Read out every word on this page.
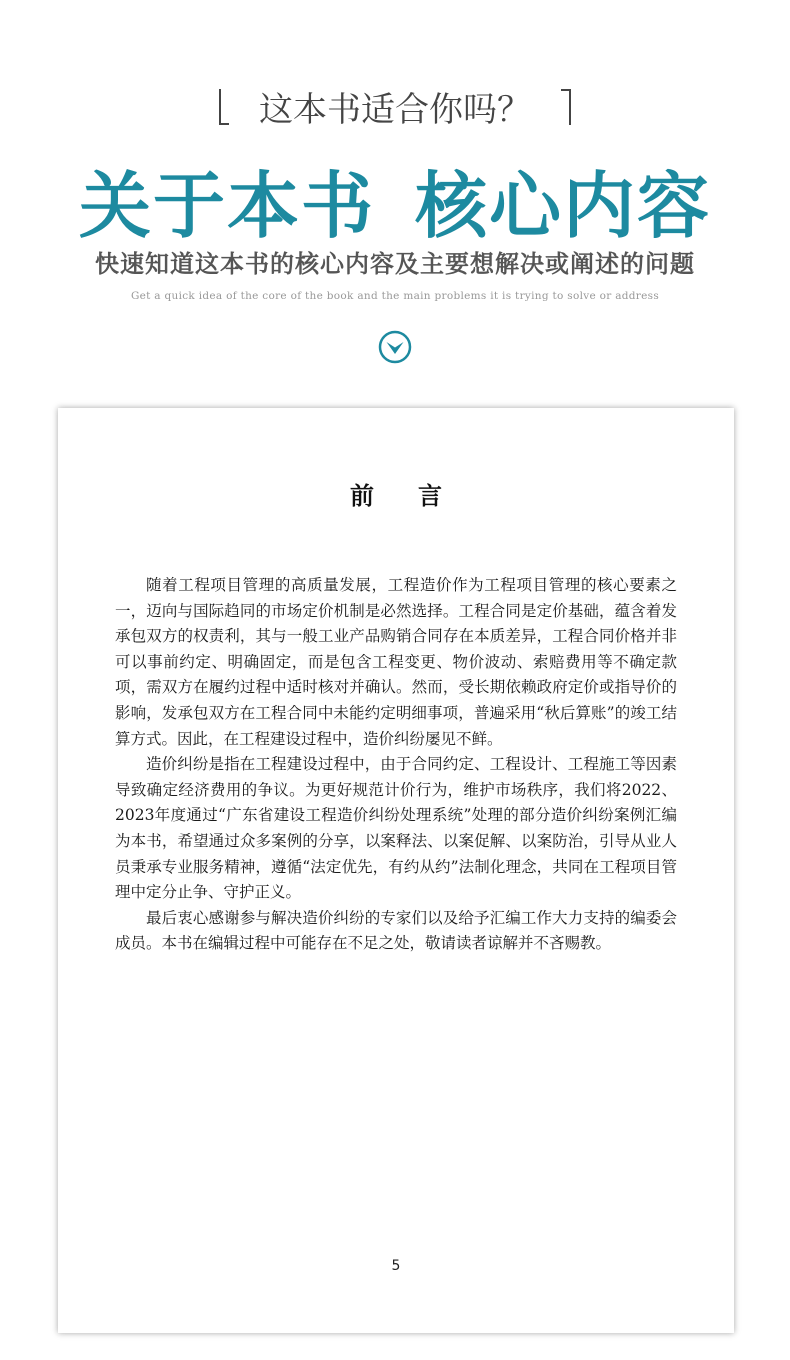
这本书适合你吗？
关于本书 核心内容
快速知道这本书的核心内容及主要想解决或阐述的问题
Get a quick idea of the core of the book and the main problems it is trying to solve or address
前言

随着工程项目管理的高质量发展，工程造价作为工程项目管理的核心要素之一，迈向与国际趋同的市场定价机制是必然选择。工程合同是定价基础，蕴含着发承包双方的权责利，其与一般工业产品购销合同存在本质差异，工程合同价格并非可以事前约定、明确固定，而是包含工程变更、物价波动、索赔费用等不确定款项，需双方在履约过程中适时核对并确认。然而，受长期依赖政府定价或指导价的影响，发承包双方在工程合同中未能约定明细事项，普遍采用“秋后算账”的竣工结算方式。因此，在工程建设过程中，造价纠纷屡见不鲜。

造价纠纷是指在工程建设过程中，由于合同约定、工程设计、工程施工等因素导致确定经济费用的争议。为更好规范计价行为，维护市场秩序，我们将2022、2023年度通过“广东省建设工程造价纠纷处理系统”处理的部分造价纠纷案例汇编为本书，希望通过众多案例的分享，以案释法、以案促解、以案防治，引导从业人员秉承专业服务精神，遵循“法定优先，有约从约”法制化理念，共同在工程项目管理中定分止争、守护正义。

最后衷心感谢参与解决造价纠纷的专家们以及给予汇编工作大力支持的编委会成员。本书在编辑过程中可能存在不足之处，敬请读者谅解并不吝赐教。

5
